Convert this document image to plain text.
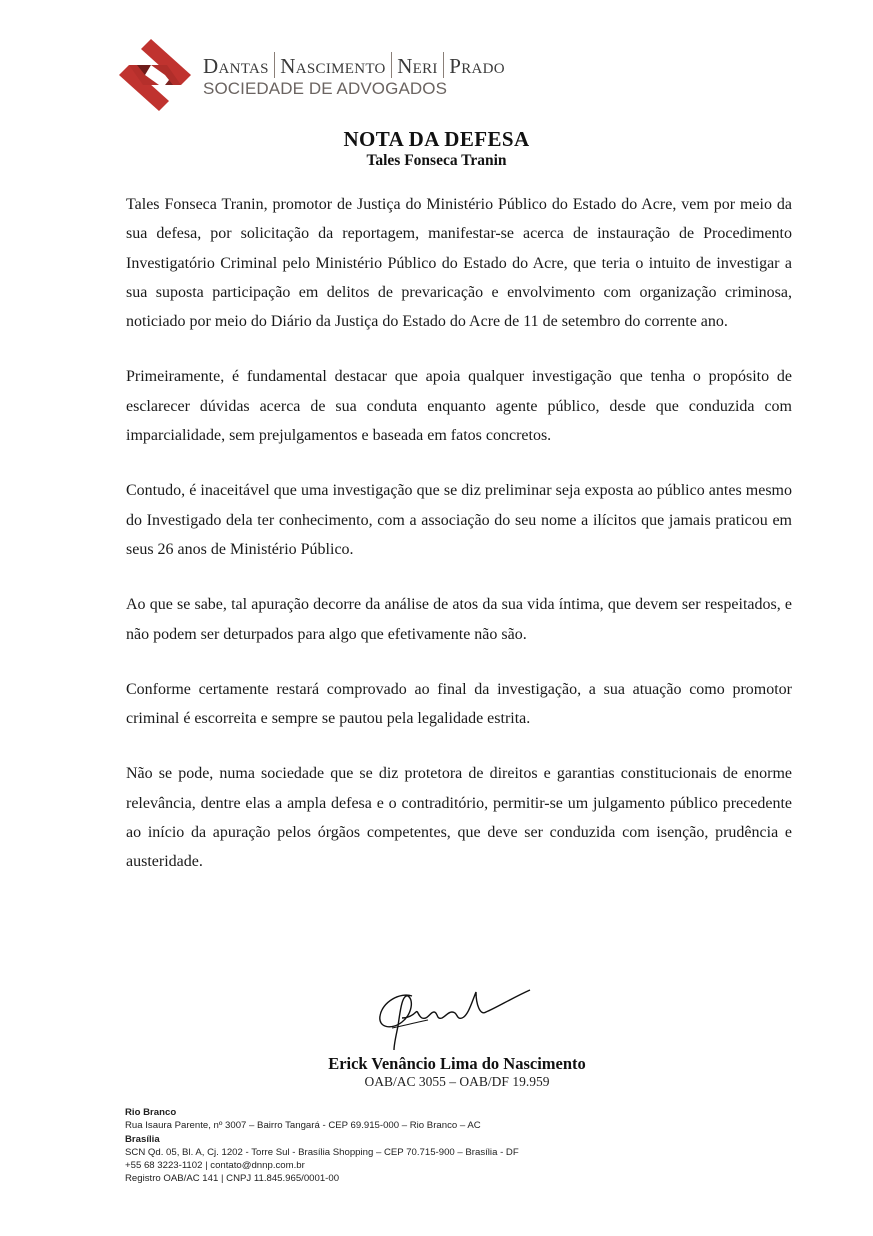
Dantas Nascimento Neri Prado
SOCIEDADE DE ADVOGADOS
NOTA DA DEFESA
Tales Fonseca Tranin

Tales Fonseca Tranin, promotor de Justiça do Ministério Público do Estado do Acre, vem por meio da sua defesa, por solicitação da reportagem, manifestar-se acerca de instauração de Procedimento Investigatório Criminal pelo Ministério Público do Estado do Acre, que teria o intuito de investigar a sua suposta participação em delitos de prevaricação e envolvimento com organização criminosa, noticiado por meio do Diário da Justiça do Estado do Acre de 11 de setembro do corrente ano.

Primeiramente, é fundamental destacar que apoia qualquer investigação que tenha o propósito de esclarecer dúvidas acerca de sua conduta enquanto agente público, desde que conduzida com imparcialidade, sem prejulgamentos e baseada em fatos concretos.

Contudo, é inaceitável que uma investigação que se diz preliminar seja exposta ao público antes mesmo do Investigado dela ter conhecimento, com a associação do seu nome a ilícitos que jamais praticou em seus 26 anos de Ministério Público.

Ao que se sabe, tal apuração decorre da análise de atos da sua vida íntima, que devem ser respeitados, e não podem ser deturpados para algo que efetivamente não são.

Conforme certamente restará comprovado ao final da investigação, a sua atuação como promotor criminal é escorreita e sempre se pautou pela legalidade estrita.

Não se pode, numa sociedade que se diz protetora de direitos e garantias constitucionais de enorme relevância, dentre elas a ampla defesa e o contraditório, permitir-se um julgamento público precedente ao início da apuração pelos órgãos competentes, que deve ser conduzida com isenção, prudência e austeridade.

Erick Venâncio Lima do Nascimento
OAB/AC 3055 – OAB/DF 19.959
Rio Branco
Rua Isaura Parente, nº 3007 – Bairro Tangará - CEP 69.915-000 – Rio Branco – AC
Brasília
SCN Qd. 05, Bl. A, Cj. 1202 - Torre Sul - Brasília Shopping – CEP 70.715-900 – Brasília - DF
+55 68 3223-1102 | contato@dnnp.com.br
Registro OAB/AC 141 | CNPJ 11.845.965/0001-00
